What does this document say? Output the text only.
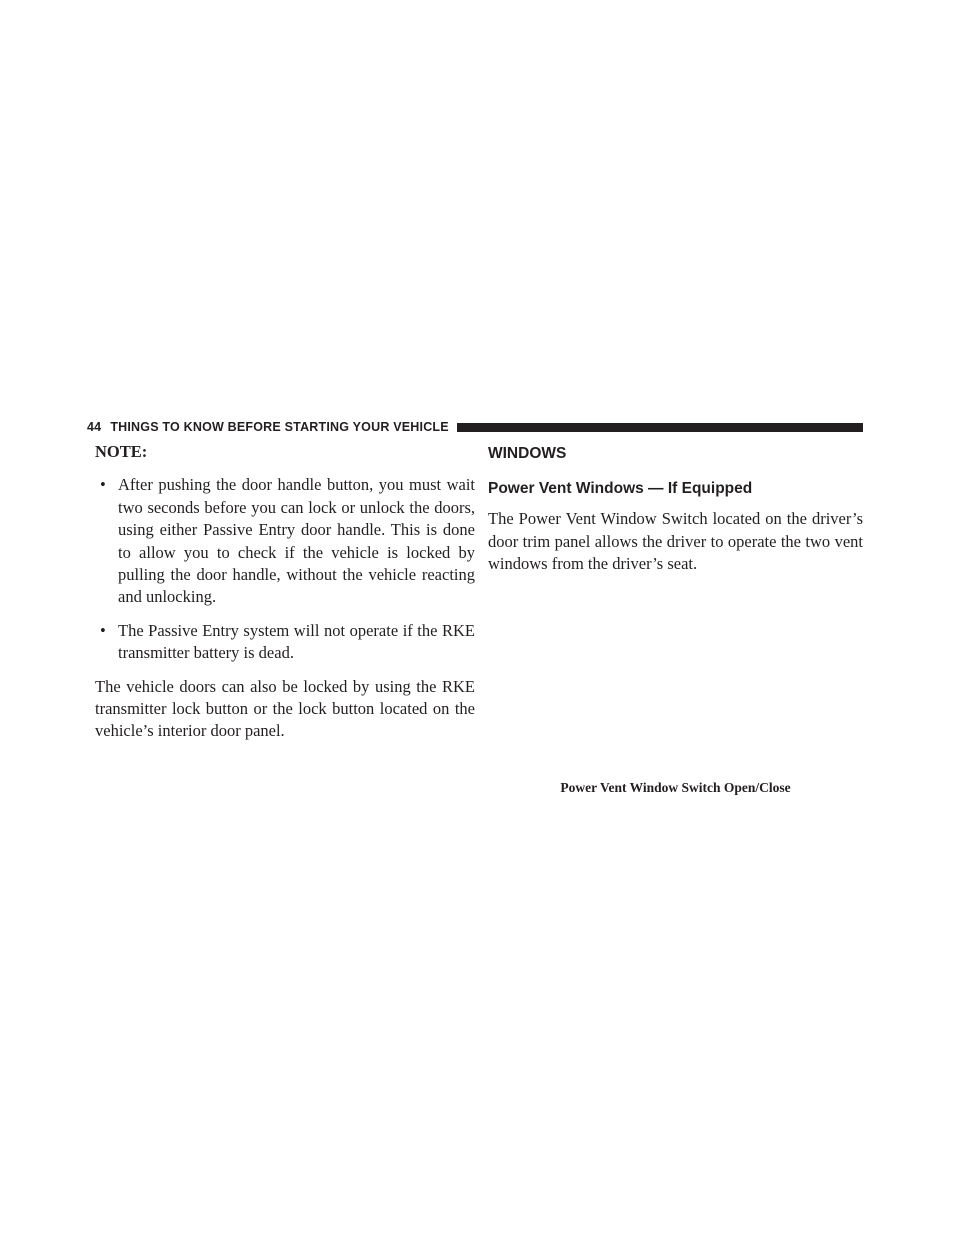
44 THINGS TO KNOW BEFORE STARTING YOUR VEHICLE

NOTE:

• After pushing the door handle button, you must wait two seconds before you can lock or unlock the doors, using either Passive Entry door handle. This is done to allow you to check if the vehicle is locked by pulling the door handle, without the vehicle reacting and unlocking.
• The Passive Entry system will not operate if the RKE transmitter battery is dead.

The vehicle doors can also be locked by using the RKE transmitter lock button or the lock button located on the vehicle’s interior door panel.

WINDOWS
Power Vent Windows — If Equipped

The Power Vent Window Switch located on the driver’s door trim panel allows the driver to operate the two vent windows from the driver’s seat.

Power Vent Window Switch Open/Close
